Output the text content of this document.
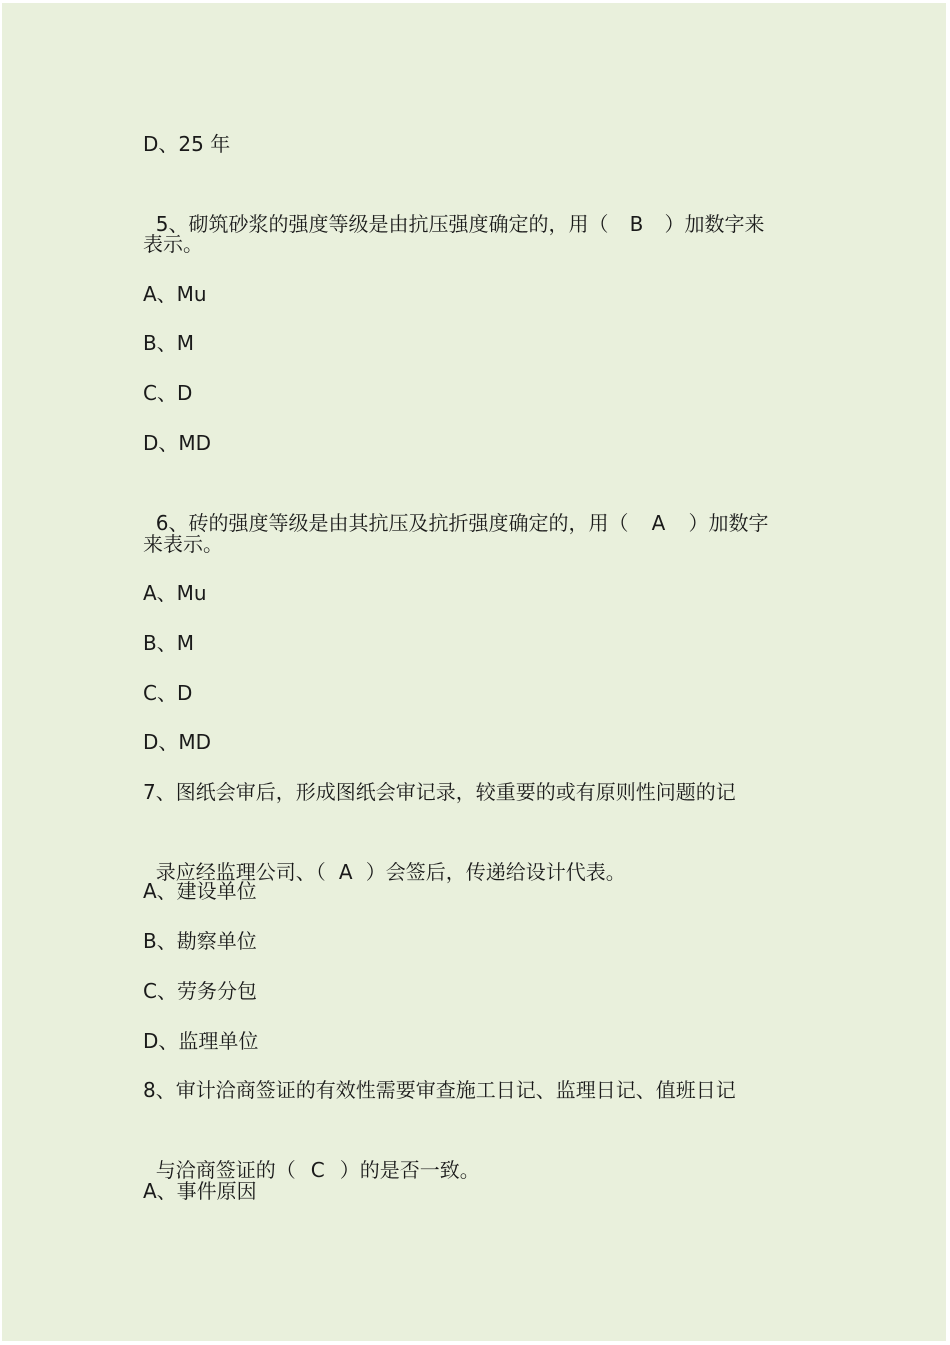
D、25 年

5、砌筑砂浆的强度等级是由抗压强度确定的，用（ B ）加数字来

表示。
A、Mu
B、M
C、D
D、MD

6、砖的强度等级是由其抗压及抗折强度确定的，用（ A ）加数字

来表示。
A、Mu
B、M
C、D
D、MD
7、图纸会审后，形成图纸会审记录，较重要的或有原则性问题的记

录应经监理公司、（ A ）会签后，传递给设计代表。

A、建设单位
B、勘察单位
C、劳务分包
D、监理单位
8、审计洽商签证的有效性需要审查施工日记、监理日记、值班日记

与洽商签证的（ C ）的是否一致。

A、事件原因
